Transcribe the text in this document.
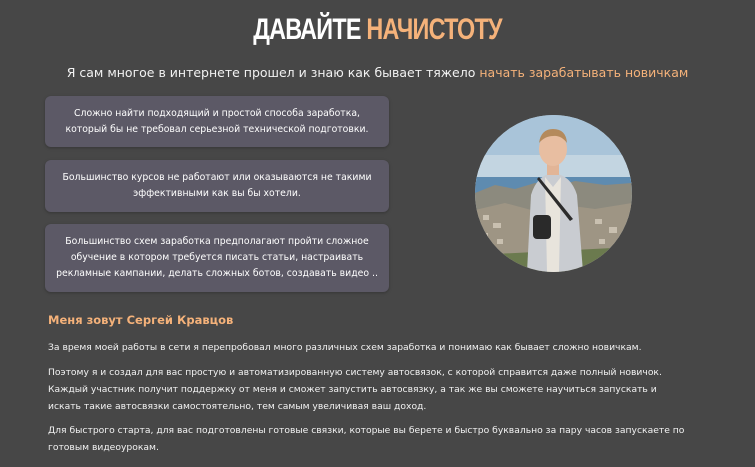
ДАВАЙТЕ НАЧИСТОТУ
Я сам многое в интернете прошел и знаю как бывает тяжело начать зарабатывать новичкам
Сложно найти подходящий и простой способа заработка, который бы не требовал серьезной технической подготовки.
Большинство курсов не работают или оказываются не такими эффективными как вы бы хотели.
Большинство схем заработка предполагают пройти сложное обучение в котором требуется писать статьи, настраивать рекламные кампании, делать сложных ботов, создавать видео ..
Меня зовут Сергей Кравцов
За время моей работы в сети я перепробовал много различных схем заработка и понимаю как бывает сложно новичкам.
Поэтому я и создал для вас простую и автоматизированную систему автосвязок, с которой справится даже полный новичок. Каждый участник получит поддержку от меня и сможет запустить автосвязку, а так же вы сможете научиться запускать и искать такие автосвязки самостоятельно, тем самым увеличивая ваш доход.
Для быстрого старта, для вас подготовлены готовые связки, которые вы берете и быстро буквально за пару часов запускаете по готовым видеоурокам.
